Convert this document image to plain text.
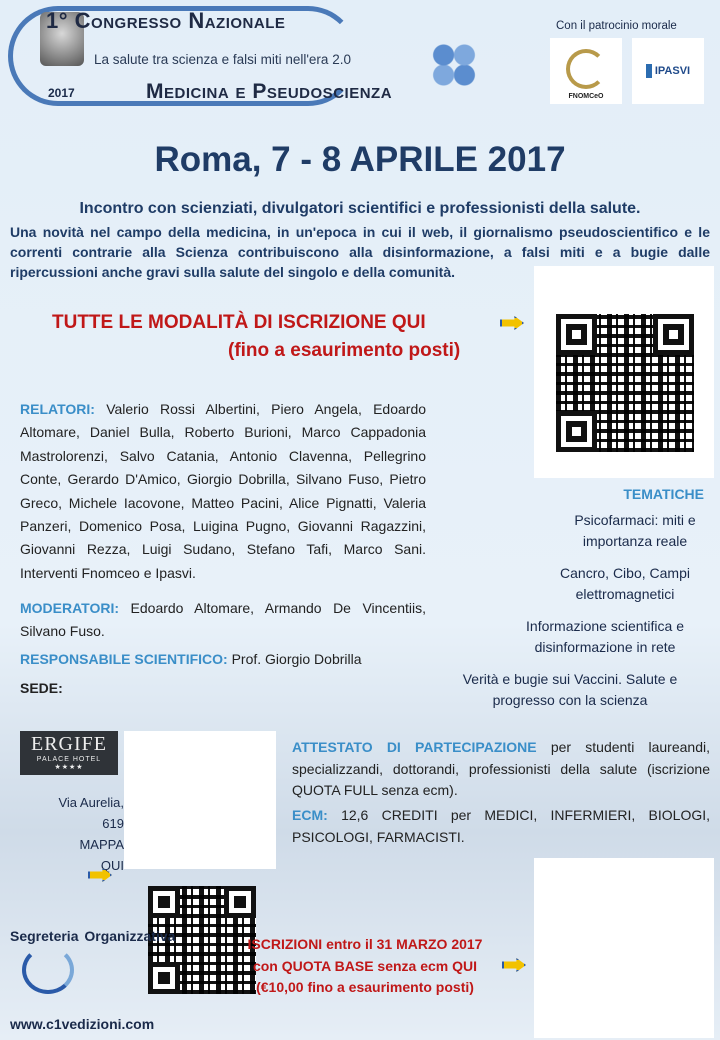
2017
1° Congresso Nazionale
La salute tra scienza e falsi miti nell'era 2.0
Medicina e Pseudoscienza
Con il patrocinio morale
FNOMCeO
IPASVI
Roma, 7 - 8 APRILE 2017
Incontro con scienziati, divulgatori scientifici e professionisti della salute.
Una novità nel campo della medicina, in un'epoca in cui il web, il giornalismo pseudoscientifico e le correnti contrarie alla Scienza contribuiscono alla disinformazione, a falsi miti e a bugie dalle ripercussioni anche gravi sulla salute del singolo e della comunità.
TUTTE LE MODALITÀ DI ISCRIZIONE QUI
(fino a esaurimento posti)
RELATORI: Valerio Rossi Albertini, Piero Angela, Edoardo Altomare, Daniel Bulla, Roberto Burioni, Marco Cappadonia Mastrolorenzi, Salvo Catania, Antonio Clavenna, Pellegrino Conte, Gerardo D'Amico, Giorgio Dobrilla, Silvano Fuso, Pietro Greco, Michele Iacovone, Matteo Pacini, Alice Pignatti, Valeria Panzeri, Domenico Posa, Luigina Pugno, Giovanni Ragazzini, Giovanni Rezza, Luigi Sudano, Stefano Tafi, Marco Sani. Interventi Fnomceo e Ipasvi.
MODERATORI: Edoardo Altomare, Armando De Vincentiis, Silvano Fuso.
RESPONSABILE SCIENTIFICO: Prof. Giorgio Dobrilla
SEDE:
TEMATICHE
Psicofarmaci: miti e importanza reale
Cancro, Cibo, Campi elettromagnetici
Informazione scientifica e disinformazione in rete
Verità e bugie sui Vaccini. Salute e progresso con la scienza
ERGIFE
PALACE HOTEL
★★★★
Via Aurelia,
619
MAPPA
QUI
ATTESTATO DI PARTECIPAZIONE per studenti laureandi, specializzandi, dottorandi, professionisti della salute (iscrizione QUOTA FULL senza ecm).
ECM: 12,6 CREDITI per MEDICI, INFERMIERI, BIOLOGI, PSICOLOGI, FARMACISTI.
Segreteria Organizzativa
www.c1vedizioni.com
ISCRIZIONI entro il 31 MARZO 2017
con QUOTA BASE senza ecm QUI
(€10,00 fino a esaurimento posti)
